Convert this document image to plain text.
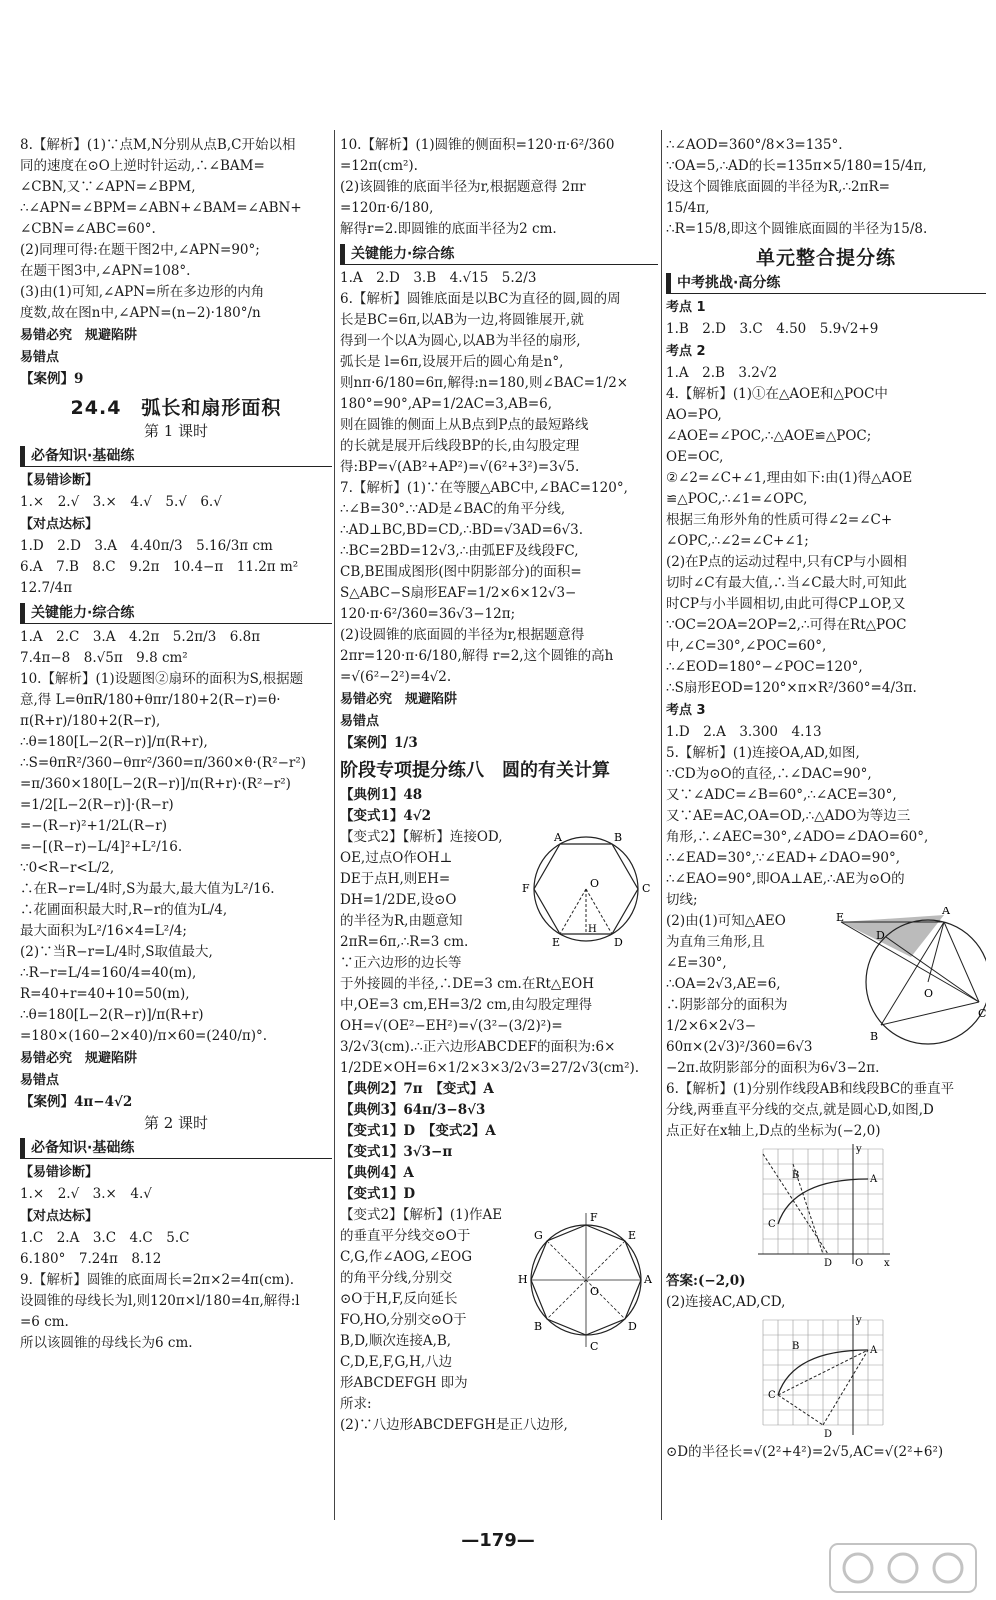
8.【解析】(1)∵点M,N分别从点B,C开始以相

同的速度在⊙O上逆时针运动,∴∠BAM=

∠CBN,又∵∠APN=∠BPM,

∴∠APN=∠BPM=∠ABN+∠BAM=∠ABN+

∠CBN=∠ABC=60°.

(2)同理可得:在题干图2中,∠APN=90°;

在题干图3中,∠APN=108°.

(3)由(1)可知,∠APN=所在多边形的内角

度数,故在图n中,∠APN=(n−2)·180°/n

易错必究　规避陷阱

易错点

【案例】9

24.4　弧长和扇形面积

第 1 课时

必备知识·基础练

【易错诊断】

1.×　2.√　3.×　4.√　5.√　6.√

【对点达标】

1.D　2.D　3.A　4.40π/3　5.16/3π cm

6.A　7.B　8.C　9.2π　10.4−π　11.2π m²

12.7/4π

关键能力·综合练

1.A　2.C　3.A　4.2π　5.2π/3　6.8π

7.4π−8　8.√5π　9.8 cm²

10.【解析】(1)设题图②扇环的面积为S,根据题

意,得 L=θπR/180+θπr/180+2(R−r)=θ·

π(R+r)/180+2(R−r),

∴θ=180[L−2(R−r)]/π(R+r),

∴S=θπR²/360−θπr²/360=π/360×θ·(R²−r²)

=π/360×180[L−2(R−r)]/π(R+r)·(R²−r²)

=1/2[L−2(R−r)]·(R−r)

=−(R−r)²+1/2L(R−r)

=−[(R−r)−L/4]²+L²/16.

∵0<R−r<L/2,

∴在R−r=L/4时,S为最大,最大值为L²/16.

∴花圃面积最大时,R−r的值为L/4,

最大面积为L²/16×4=L²/4;

(2)∵当R−r=L/4时,S取值最大,

∴R−r=L/4=160/4=40(m),

R=40+r=40+10=50(m),

∴θ=180[L−2(R−r)]/π(R+r)

=180×(160−2×40)/π×60=(240/π)°.

易错必究　规避陷阱

易错点

【案例】4π−4√2

第 2 课时

必备知识·基础练

【易错诊断】

1.×　2.√　3.×　4.√

【对点达标】

1.C　2.A　3.C　4.C　5.C

6.180°　7.24π　8.12

9.【解析】圆锥的底面周长=2π×2=4π(cm).

设圆锥的母线长为l,则120π×l/180=4π,解得:l

=6 cm.

所以该圆锥的母线长为6 cm.

10.【解析】(1)圆锥的侧面积=120·π·6²/360

=12π(cm²).

(2)该圆锥的底面半径为r,根据题意得 2πr

=120π·6/180,

解得r=2.即圆锥的底面半径为2 cm.

关键能力·综合练

1.A　2.D　3.B　4.√15　5.2/3

6.【解析】圆锥底面是以BC为直径的圆,圆的周

长是BC=6π,以AB为一边,将圆锥展开,就

得到一个以A为圆心,以AB为半径的扇形,

弧长是 l=6π,设展开后的圆心角是n°,

则nπ·6/180=6π,解得:n=180,则∠BAC=1/2×

180°=90°,AP=1/2AC=3,AB=6,

则在圆锥的侧面上从B点到P点的最短路线

的长就是展开后线段BP的长,由勾股定理

得:BP=√(AB²+AP²)=√(6²+3²)=3√5.

7.【解析】(1)∵在等腰△ABC中,∠BAC=120°,

∴∠B=30°.∵AD是∠BAC的角平分线,

∴AD⊥BC,BD=CD,∴BD=√3AD=6√3.

∴BC=2BD=12√3,∴由弧EF及线段FC,

CB,BE围成图形(图中阴影部分)的面积=

S△ABC−S扇形EAF=1/2×6×12√3−

120·π·6²/360=36√3−12π;

(2)设圆锥的底面圆的半径为r,根据题意得

2πr=120·π·6/180,解得 r=2,这个圆锥的高h

=√(6²−2²)=4√2.

易错必究　规避陷阱

易错点

【案例】1/3

阶段专项提分练八　圆的有关计算

【典例1】48

【变式1】4√2

A	B
C
D
E
F	O
H

【变式2】【解析】连接OD,

OE,过点O作OH⊥

DE于点H,则EH=

DH=1/2DE,设⊙O

的半径为R,由题意知

2πR=6π,∴R=3 cm.

∵正六边形的边长等

于外接圆的半径,∴DE=3 cm.在Rt△EOH

中,OE=3 cm,EH=3/2 cm,由勾股定理得

OH=√(OE²−EH²)=√(3²−(3/2)²)=

3/2√3(cm).∴正六边形ABCDEF的面积为:6×

1/2DE×OH=6×1/2×3×3/2√3=27/2√3(cm²).

【典例2】7π　【变式】A

【典例3】64π/3−8√3

【变式1】D　【变式2】A

【变式1】3√3−π

【典例4】A

【变式1】D

A
D
C
B
H
G
F
E
O

【变式2】【解析】(1)作AE

的垂直平分线交⊙O于

C,G,作∠AOG,∠EOG

的角平分线,分别交

⊙O于H,F,反向延长

FO,HO,分别交⊙O于

B,D,顺次连接A,B,

C,D,E,F,G,H,八边

形ABCDEFGH 即为

所求:

(2)∵八边形ABCDEFGH是正八边形,

∴∠AOD=360°/8×3=135°.

∵OA=5,∴AD的长=135π×5/180=15/4π,

设这个圆锥底面圆的半径为R,∴2πR=

15/4π,

∴R=15/8,即这个圆锥底面圆的半径为15/8.

单元整合提分练

中考挑战·高分练

考点 1

1.B　2.D　3.C　4.50　5.9√2+9

考点 2

1.A　2.B　3.2√2

4.【解析】(1)①在△AOE和△POC中

AO=PO,

∠AOE=∠POC,∴△AOE≌△POC;

OE=OC,

②∠2=∠C+∠1,理由如下:由(1)得△AOE

≌△POC,∴∠1=∠OPC,

根据三角形外角的性质可得∠2=∠C+

∠OPC,∴∠2=∠C+∠1;

(2)在P点的运动过程中,只有CP与小圆相

切时∠C有最大值,∴当∠C最大时,可知此

时CP与小半圆相切,由此可得CP⊥OP,又

∵OC=2OA=2OP=2,∴可得在Rt△POC

中,∠C=30°,∠POC=60°,

∴∠EOD=180°−∠POC=120°,

∴S扇形EOD=120°×π×R²/360°=4/3π.

考点 3

1.D　2.A　3.300　4.13

5.【解析】(1)连接OA,AD,如图,

∵CD为⊙O的直径,∴∠DAC=90°,

又∵∠ADC=∠B=60°,∴∠ACE=30°,

又∵AE=AC,OA=OD,∴△ADO为等边三

角形,∴∠AEC=30°,∠ADO=∠DAO=60°,

∴∠EAD=30°,∵∠EAD+∠DAO=90°,

∴∠EAO=90°,即OA⊥AE,∴AE为⊙O的

切线;

E
A
D
O
C
B

(2)由(1)可知△AEO

为直角三角形,且

∠E=30°,

∴OA=2√3,AE=6,

∴阴影部分的面积为

1/2×6×2√3−

60π×(2√3)²/360=6√3

−2π.故阴影部分的面积为6√3−2π.

6.【解析】(1)分别作线段AB和线段BC的垂直平

分线,两垂直平分线的交点,就是圆心D,如图,D

点正好在x轴上,D点的坐标为(−2,0)

B	A
C
D O x
y

答案:(−2,0)

(2)连接AC,AD,CD,

B	A
C
D
y

⊙D的半径长=√(2²+4²)=2√5,AC=√(2²+6²)

—179—
